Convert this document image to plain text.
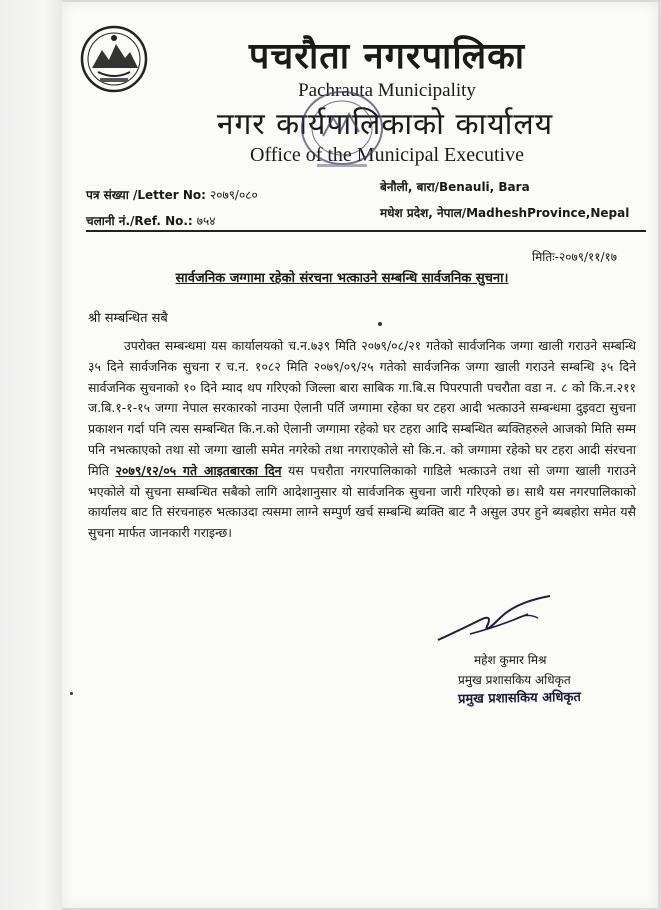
पचरौता नगरपालिका
Pachrauta Municipality
नगर कार्यपालिकाको कार्यालय
Office of the Municipal Executive
पत्र संख्या /Letter No: २०७९/०८०
चलानी नं./Ref. No.: ७५४
बेनौली, बारा/Benauli, Bara
मधेश प्रदेश, नेपाल/MadheshProvince,Nepal
मितिः-२०७९/११/१७
सार्वजनिक जग्गामा रहेको संरचना भत्काउने सम्बन्धि सार्वजनिक सुचना।
श्री सम्बन्धित सबै
उपरोक्त सम्बन्धमा यस कार्यालयको च.न.७३९ मिति २०७९/०८/२१ गतेको सार्वजनिक जग्गा खाली गराउने सम्बन्धि ३५ दिने सार्वजनिक सुचना र च.न. १०८२ मिति २०७९/०९/२५ गतेको सार्वजनिक जग्गा खाली गराउने सम्बन्धि ३५ दिने सार्वजनिक सुचनाको १० दिने म्याद थप गरिएको जिल्ला बारा साबिक गा.बि.स पिपरपाती पचरौता वडा न. ८ को कि.न.२११ ज.बि.१-१-१५ जग्गा नेपाल सरकारको नाउमा ऐलानी पर्ति जग्गामा रहेका घर टहरा आदी भत्काउने सम्बन्धमा दुइवटा सुचना प्रकाशन गर्दा पनि त्यस सम्बन्धित कि.न.को ऐलानी जग्गामा रहेको घर टहरा आदि सम्बन्धित ब्यक्तिहरुले आजको मिति सम्म पनि नभत्काएको तथा सो जग्गा खाली समेत नगरेको तथा नगराएकोले सो कि.न. को जग्गामा रहेको घर टहरा आदी संरचना मिति २०७९/१२/०५ गते आइतबारका दिन यस पचरौता नगरपालिकाको गाडिले भत्काउने तथा सो जग्गा खाली गराउने भएकोले यो सुचना सम्बन्धित सबैको लागि आदेशानुसार यो सार्वजनिक सुचना जारी गरिएको छ। साथै यस नगरपालिकाको कार्यालय बाट ति संरचनाहरु भत्काउदा त्यसमा लाग्ने सम्पुर्ण खर्च सम्बन्धि ब्यक्ति बाट नै असुल उपर हुने ब्यबहोरा समेत यसै सुचना मार्फत जानकारी गराइन्छ।
महेश कुमार मिश्र
प्रमुख प्रशासकिय अधिकृत
प्रमुख प्रशासकिय अधिकृत
